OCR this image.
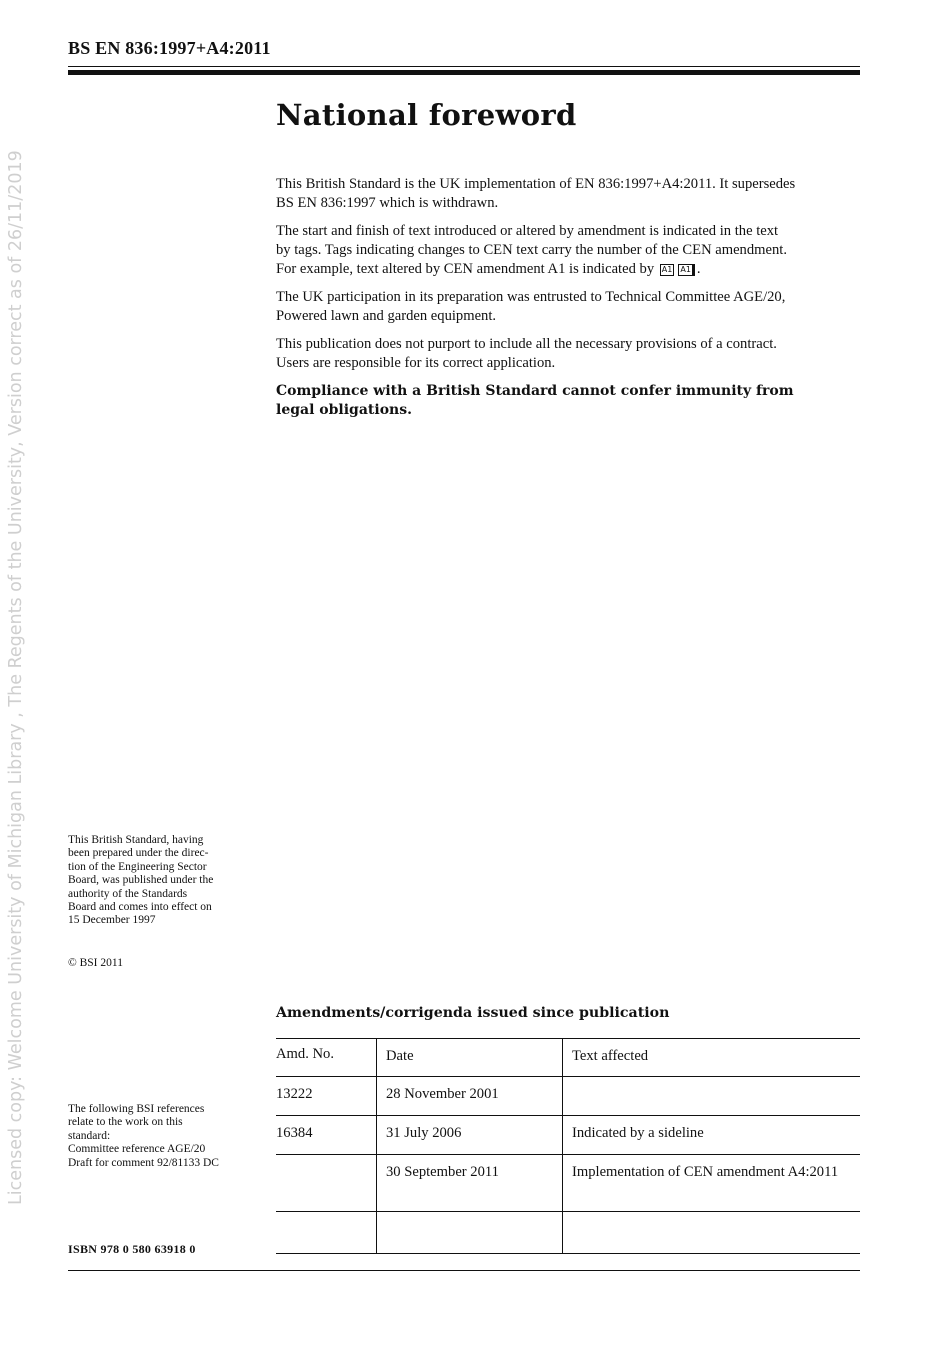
BS EN 836:1997+A4:2011
Licensed copy: Welcome University of Michigan Library , The Regents of the University, Version correct as of 26/11/2019
National foreword

This British Standard is the UK implementation of EN 836:1997+A4:2011. It supersedes BS EN 836:1997 which is withdrawn.

The start and finish of text introduced or altered by amendment is indicated in the text by tags. Tags indicating changes to CEN text carry the number of the CEN amendment. For example, text altered by CEN amendment A1 is indicated by A1 A1 .

The UK participation in its preparation was entrusted to Technical Committee AGE/20, Powered lawn and garden equipment.

This publication does not purport to include all the necessary provisions of a contract. Users are responsible for its correct application.

Compliance with a British Standard cannot confer immunity from legal obligations.

This British Standard, having
been prepared under the direc-
tion of the Engineering Sector
Board, was published under the
authority of the Standards
Board and comes into effect on
15 December 1997
© BSI 2011
The following BSI references
relate to the work on this
standard:
Committee reference AGE/20
Draft for comment 92/81133 DC
Amendments/corrigenda issued since publication
Amd. No.	Date	Text affected
13222	28 November 2001	
16384	31 July 2006	Indicated by a sideline
	30 September 2011	Implementation of CEN amendment A4:2011

ISBN 978 0 580 63918 0
